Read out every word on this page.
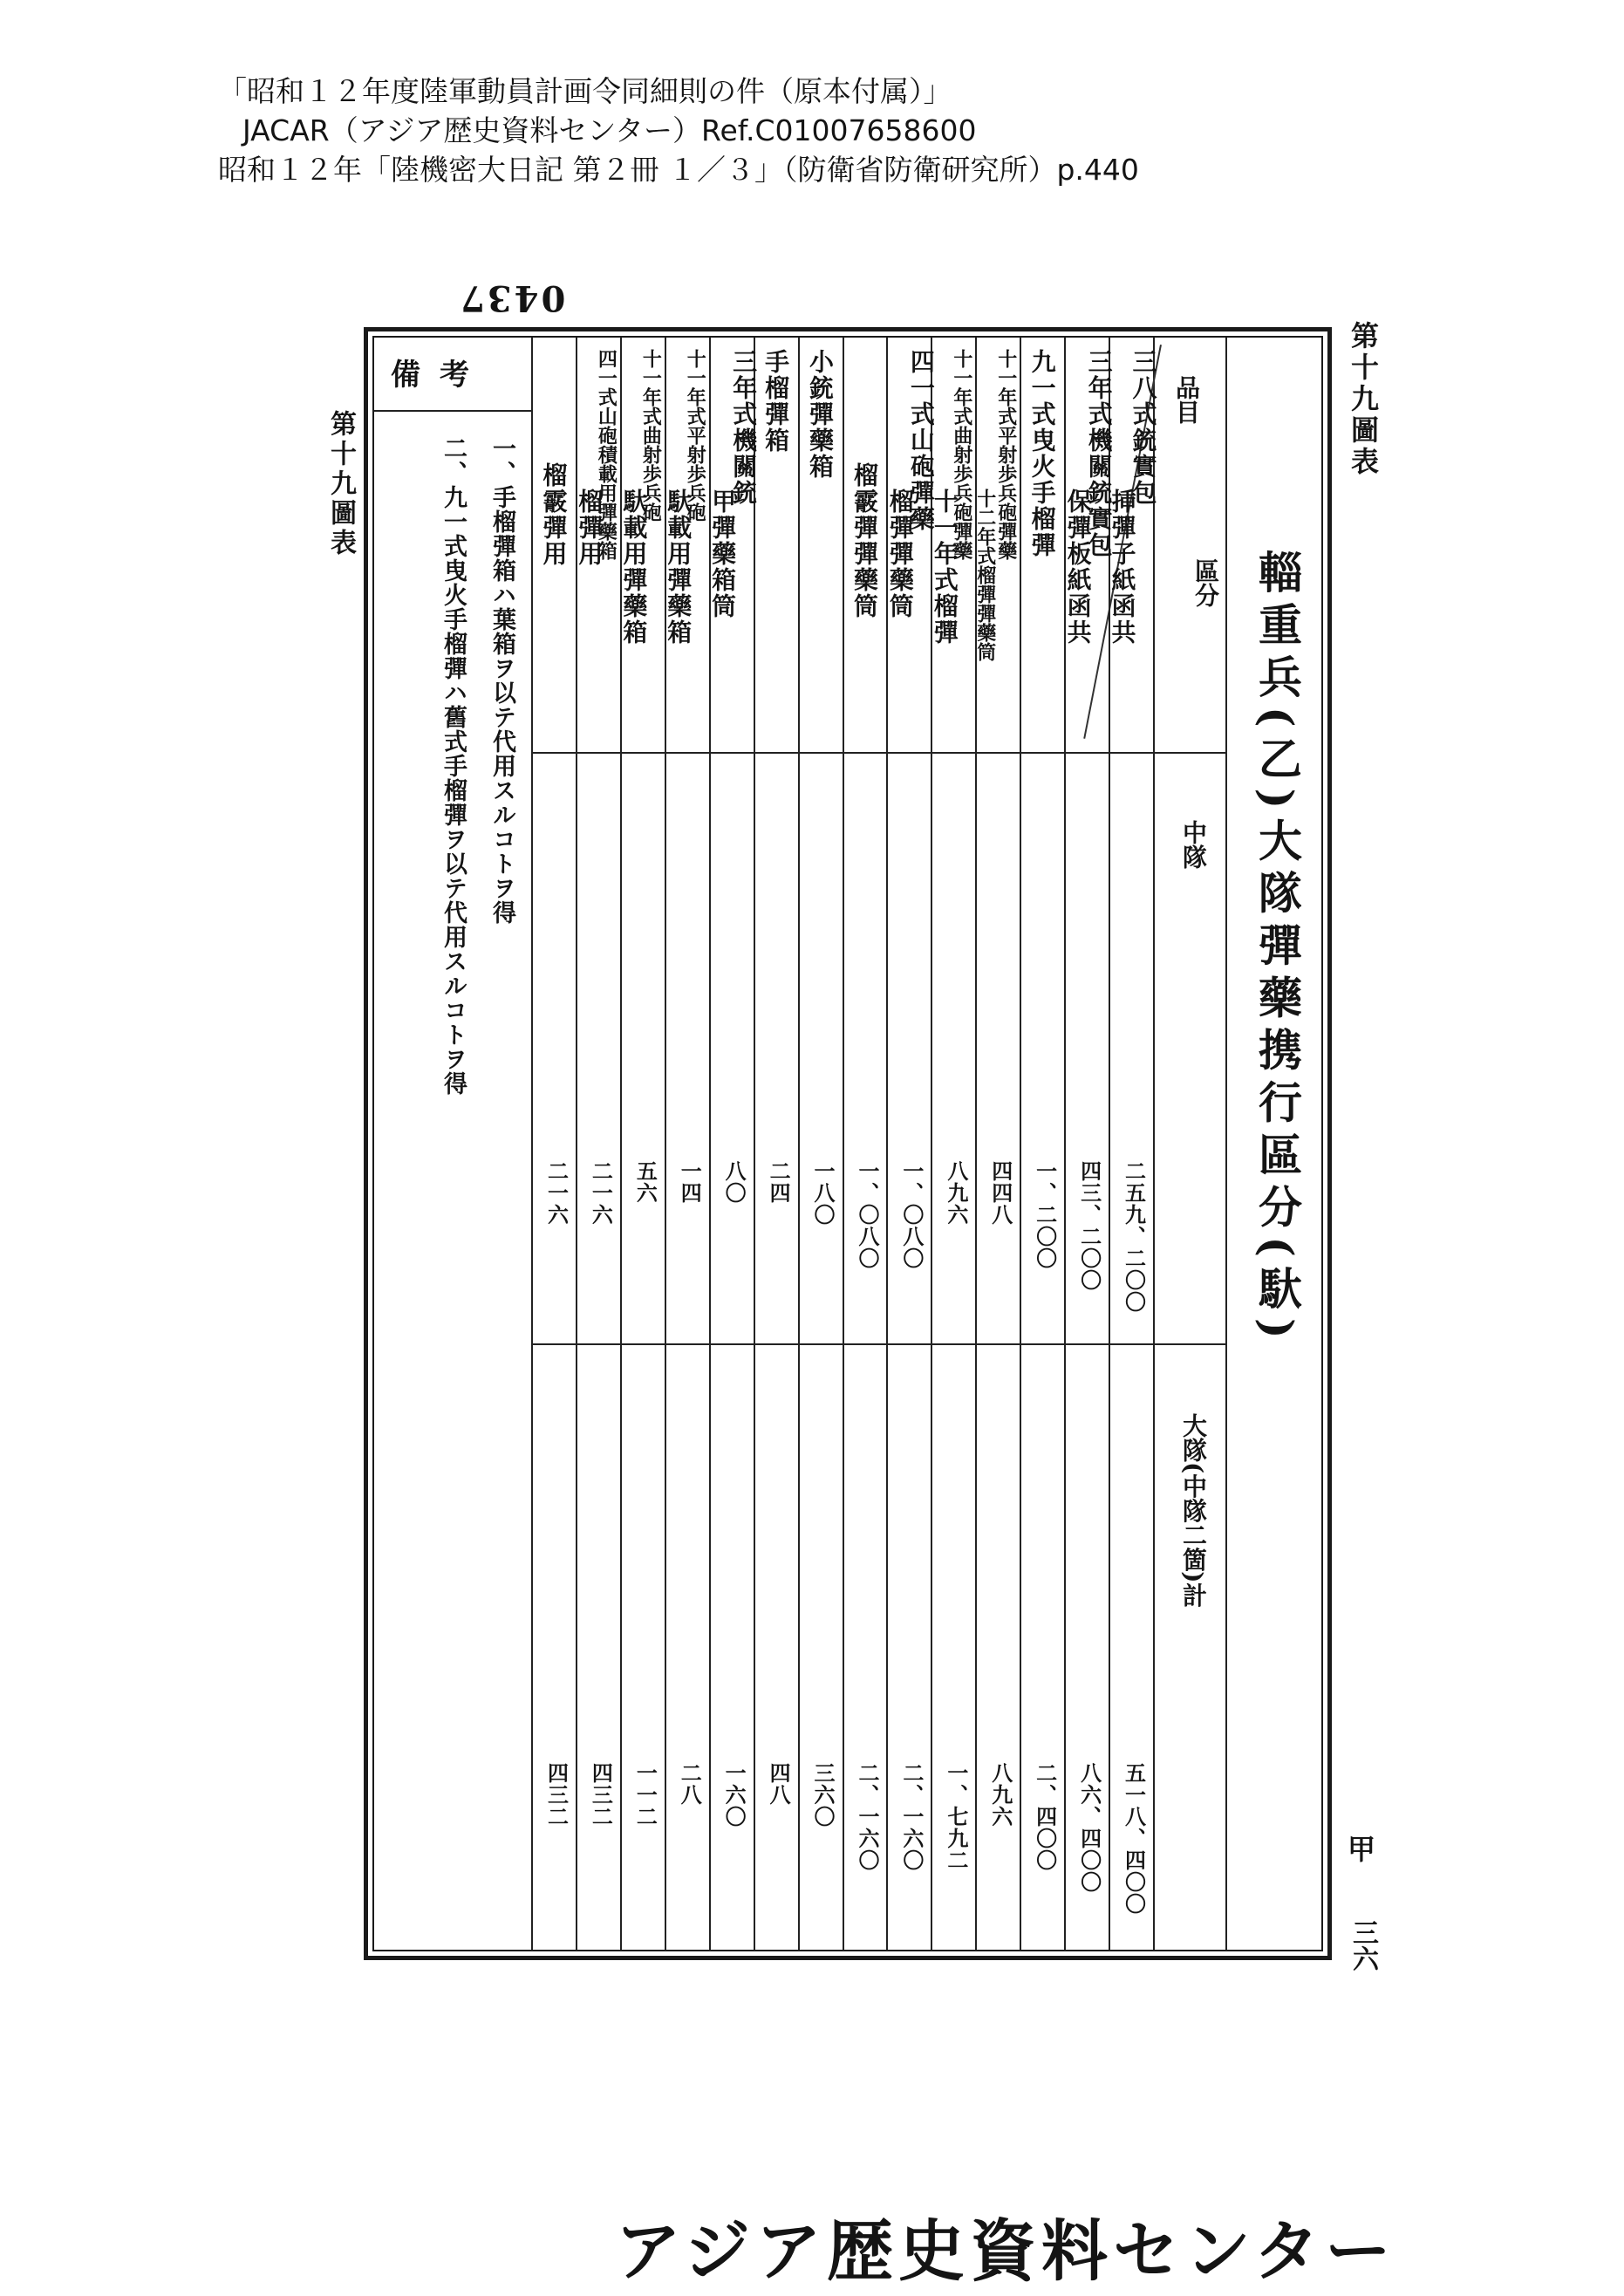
「昭和１２年度陸軍動員計画令同細則の件（原本付属）」
JACAR（アジア歴史資料センター）Ref.C01007658600
昭和１２年「陸機密大日記 第２冊 １／３」（防衛省防衛研究所）p.440
0437
第十九圖表
第十九圖表
甲
三六
輜重兵(乙)大隊彈藥携行區分(馱)
品目
區分
中隊
大隊(中隊二箇)計
備考
一、手榴彈箱ハ葉箱ヲ以テ代用スルコトヲ得
二、九一式曳火手榴彈ハ舊式手榴彈ヲ以テ代用スルコトヲ得
三八式銃實包
挿彈子紙函共
二五九、二〇〇
五一八、四〇〇
三年式機關銃實包
保彈板紙函共
四三、二〇〇
八六、四〇〇
九一式曳火手榴彈
一、二〇〇
二、四〇〇
十一年式平射歩兵砲彈藥
十二年式榴彈彈藥筒
四四八
八九六
十一年式曲射歩兵砲彈藥
十一年式榴彈
八九六
一、七九二
四一式山砲彈藥
榴彈彈藥筒
一、〇八〇
二、一六〇
榴霰彈彈藥筒
一、〇八〇
二、一六〇
小銃彈藥箱
一八〇
三六〇
手榴彈箱
二四
四八
三年式機關銃
甲彈藥箱筒
八〇
一六〇
十一年式平射歩兵砲
馱載用彈藥箱
一四
二八
十一年式曲射歩兵砲
馱載用彈藥箱
五六
一一二
四一式山砲積載用彈藥箱
榴彈用
二一六
四三二
榴霰彈用
二一六
四三二
アジア歴史資料センター
